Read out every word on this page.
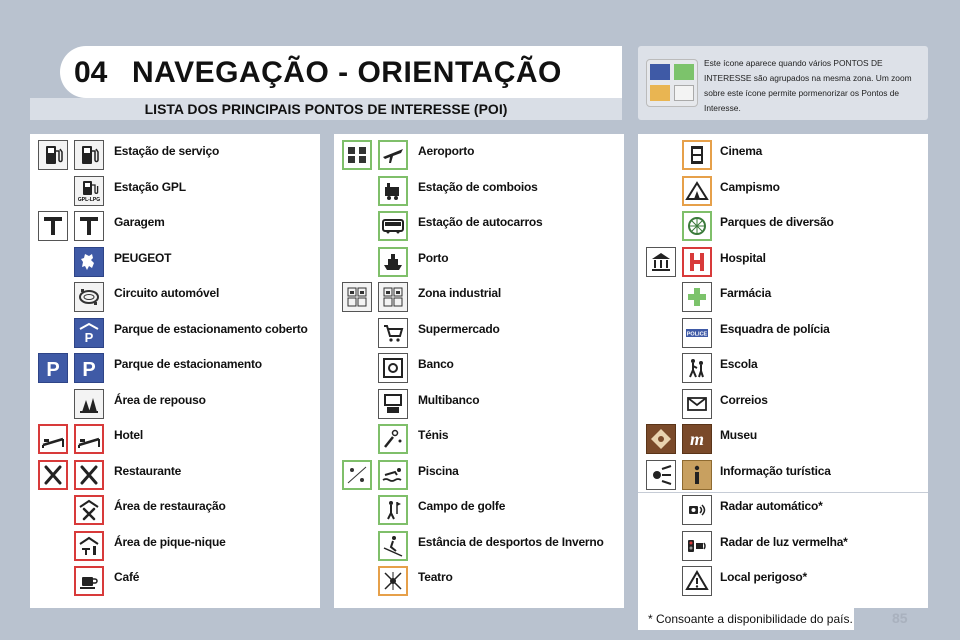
04 NAVEGAÇÃO - ORIENTAÇÃO
LISTA DOS PRINCIPAIS PONTOS DE INTERESSE (POI)
Este ícone aparece quando vários PONTOS DE INTERESSE são agrupados na mesma zona. Um zoom sobre este ícone permite pormenorizar os Pontos de Interesse.
Estação de serviço
GPL-LPG
Estação GPL
Garagem
PEUGEOT
Circuito automóvel
P
Parque de estacionamento coberto
P P Parque de estacionamento
Área de repouso
Hotel
Restaurante
Área de restauração
Área de pique-nique
Café
Aeroporto
Estação de comboios
Estação de autocarros
Porto
Zona industrial
Supermercado
Banco
Multibanco
Ténis
Piscina
Campo de golfe
Estância de desportos de Inverno
Teatro
Cinema
Campismo
Parques de diversão
Hospital
Farmácia
POLICE Esquadra de polícia
Escola
Correios
m Museu
Informação turística
Radar automático*
Radar de luz vermelha*
Local perigoso*
* Consoante a disponibilidade do país.	85
